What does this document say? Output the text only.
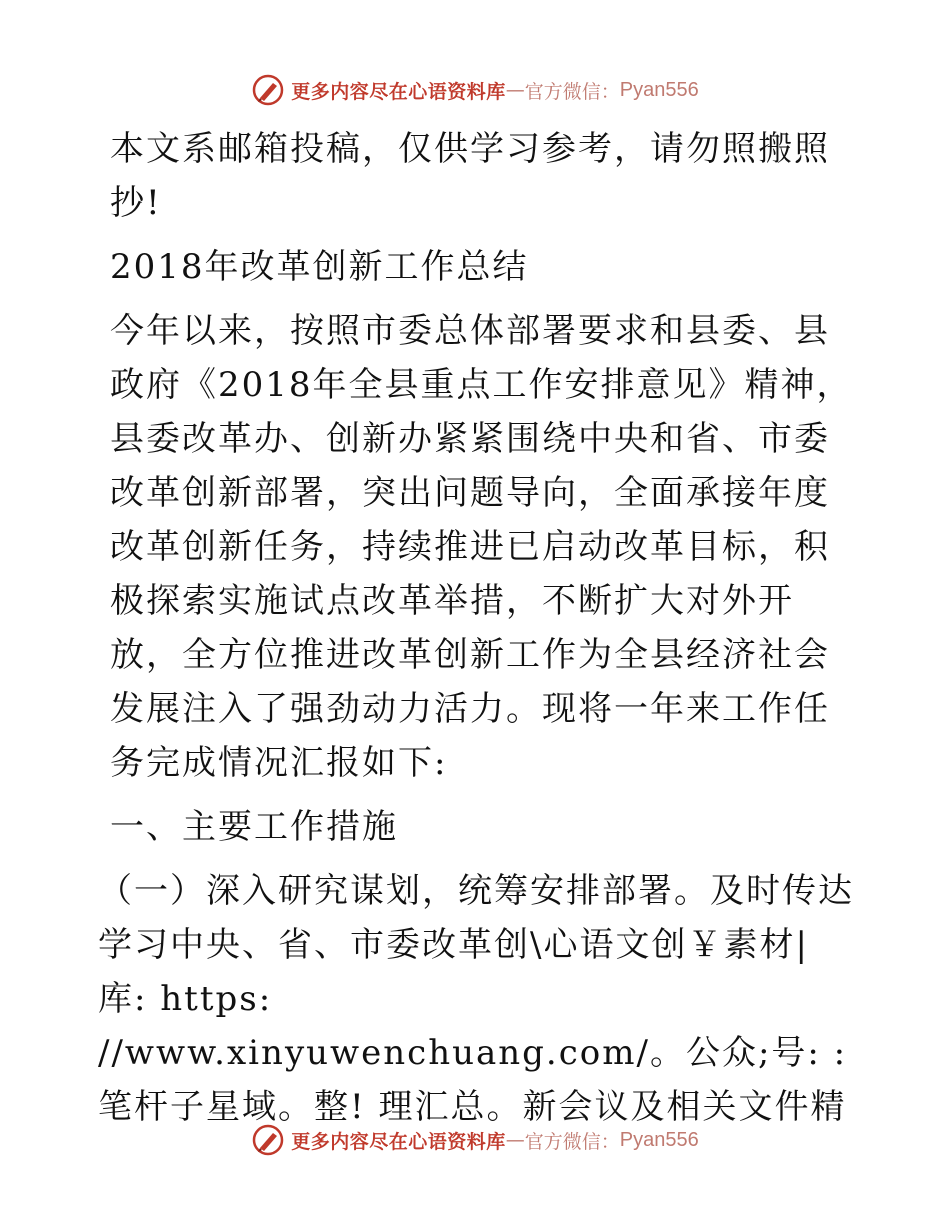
更多内容尽在心语资料库 — 官方微信： Pyan556

本文系邮箱投稿，仅供学习参考，请勿照搬照抄!

2018年改革创新工作总结

今年以来，按照市委总体部署要求和县委、县政府《2018年全县重点工作安排意见》精神，县委改革办、创新办紧紧围绕中央和省、市委改革创新部署，突出问题导向，全面承接年度改革创新任务，持续推进已启动改革目标，积极探索实施试点改革举措，不断扩大对外开放，全方位推进改革创新工作为全县经济社会发展注入了强劲动力活力。现将一年来工作任务完成情况汇报如下:

一、主要工作措施

（一）深入研究谋划，统筹安排部署。及时传达学习中央、省、市委改革创\心语文创￥素材|库: https: //www.xinyuwenchuang.com/。公众;号: : 笔杆子星域。整! 理汇总。新会议及相关文件精

更多内容尽在心语资料库 — 官方微信： Pyan556
